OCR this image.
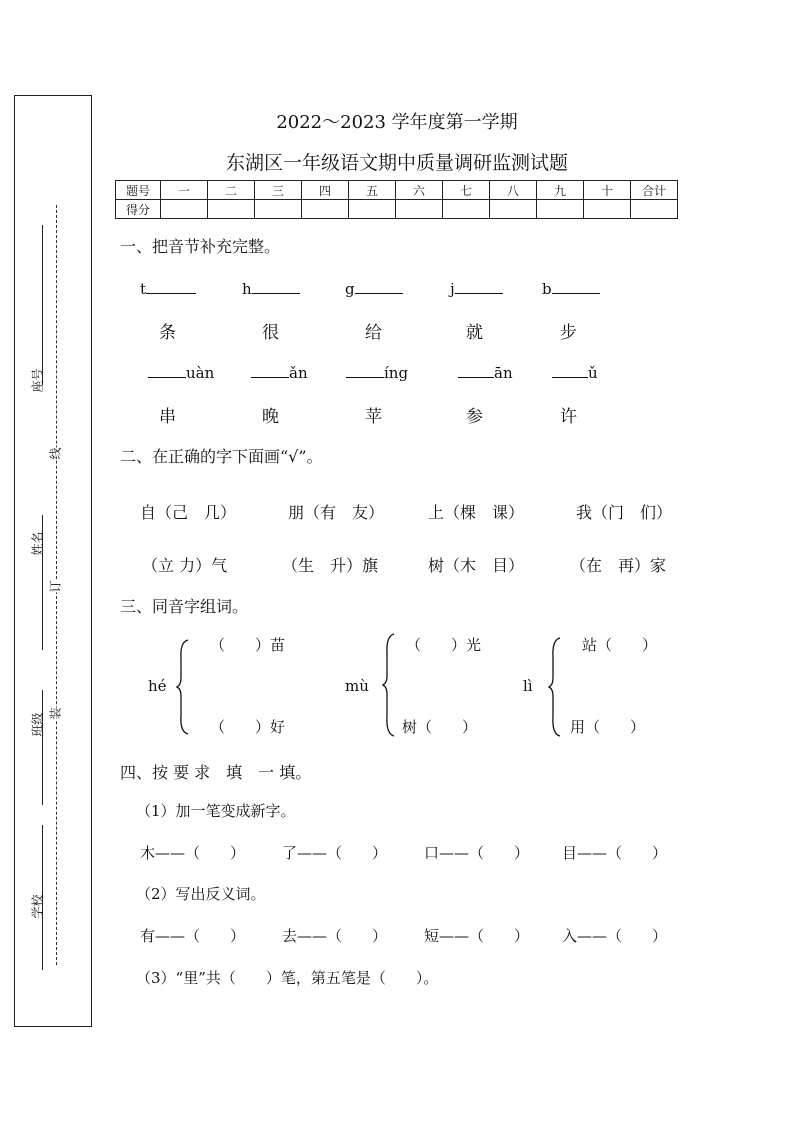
座号
姓名
班级
学校
线
订
装
2022～2023 学年度第一学期
东湖区一年级语文期中质量调研监测试题
题号	一	二	三	四	五	六	七	八	九	十	合计
得分											
一、把音节补充完整。
t	h	g	j	b
条	很	给	就	步
uàn	ǎn	íng	ān	ǔ
串	晚	苹	参	许
二、在正确的字下面画“√”。
自（己　几）	朋（有　友）	上（棵　课）	我（门　们）
（立 力）气	（生　升）旗	树（木　目）	（在　再）家
三、同音字组词。
hé
（　　）苗
（　　）好
mù
（　　）光
树（　　）
lì
站（　　）
用（　　）
四、按 要 求　填　一 填。
（1）加一笔变成新字。
木——（　　） 了——（　　） 口——（　　） 目——（　　）
（2）写出反义词。
有——（　　） 去——（　　） 短——（　　） 入——（　　）
（3）“里”共（　　）笔，第五笔是（　　）。
